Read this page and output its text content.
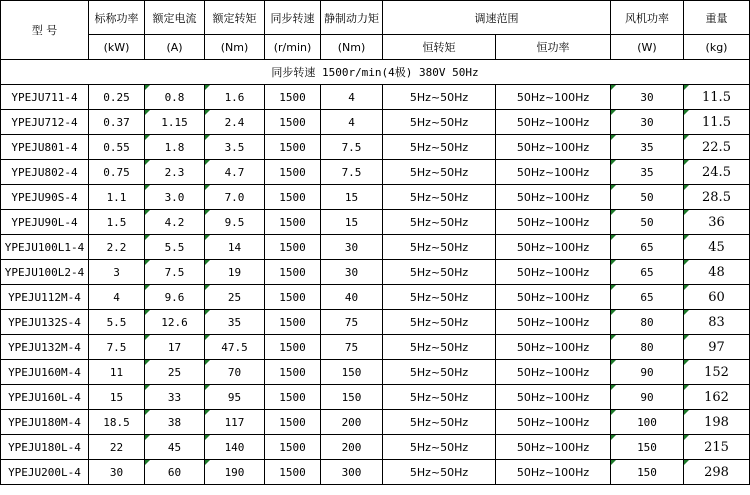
型 号	标称功率	额定电流	额定转矩	同步转速	静制动力矩	调速范围		风机功率	重量
	(kW)	(A)	(Nm)	(r/min)	(Nm)	恒转矩	恒功率	(W)	(kg)
同步转速 1500r/min(4极) 380V 50Hz									
YPEJU711-4	0.25	0.8	1.6	1500	4	5Hz~50Hz	50Hz~100Hz	30	11.5
YPEJU712-4	0.37	1.15	2.4	1500	4	5Hz~50Hz	50Hz~100Hz	30	11.5
YPEJU801-4	0.55	1.8	3.5	1500	7.5	5Hz~50Hz	50Hz~100Hz	35	22.5
YPEJU802-4	0.75	2.3	4.7	1500	7.5	5Hz~50Hz	50Hz~100Hz	35	24.5
YPEJU90S-4	1.1	3.0	7.0	1500	15	5Hz~50Hz	50Hz~100Hz	50	28.5
YPEJU90L-4	1.5	4.2	9.5	1500	15	5Hz~50Hz	50Hz~100Hz	50	36
YPEJU100L1-4	2.2	5.5	14	1500	30	5Hz~50Hz	50Hz~100Hz	65	45
YPEJU100L2-4	3	7.5	19	1500	30	5Hz~50Hz	50Hz~100Hz	65	48
YPEJU112M-4	4	9.6	25	1500	40	5Hz~50Hz	50Hz~100Hz	65	60
YPEJU132S-4	5.5	12.6	35	1500	75	5Hz~50Hz	50Hz~100Hz	80	83
YPEJU132M-4	7.5	17	47.5	1500	75	5Hz~50Hz	50Hz~100Hz	80	97
YPEJU160M-4	11	25	70	1500	150	5Hz~50Hz	50Hz~100Hz	90	152
YPEJU160L-4	15	33	95	1500	150	5Hz~50Hz	50Hz~100Hz	90	162
YPEJU180M-4	18.5	38	117	1500	200	5Hz~50Hz	50Hz~100Hz	100	198
YPEJU180L-4	22	45	140	1500	200	5Hz~50Hz	50Hz~100Hz	150	215
YPEJU200L-4	30	60	190	1500	300	5Hz~50Hz	50Hz~100Hz	150	298
